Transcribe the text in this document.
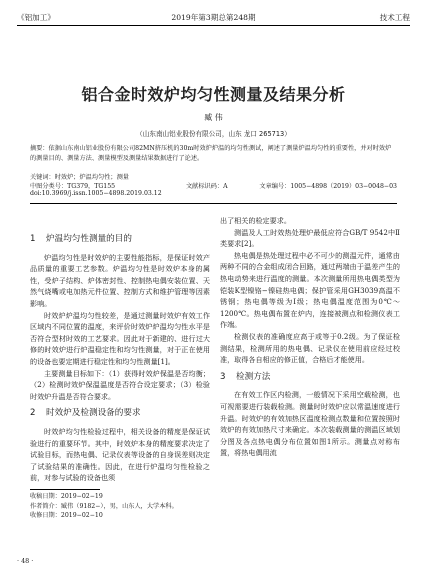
《铝加工》	2019年第3期总第248期	技术工程
铝合金时效炉均匀性测量及结果分析
臧 伟
（山东南山铝业股份有限公司，山东 龙口 265713）
摘要：依据山东南山铝业股份有限公司82MN挤压机的30m时效炉炉温的均匀性测试，阐述了测量炉温均匀性的重要性，并对时效炉的测量目的、测量方法、测量模型及测量结果数据进行了论述。
关键词：时效炉；炉温均匀性；测量
中图分类号：TG379，TG155	文献标识码：A	文章编号：1005−4898（2019）03−0048−03
doi:10.3969/j.issn.1005−4898.2019.03.12
1 炉温均匀性测量的目的

炉温均匀性是时效炉的主要性能指标，是保证时效产品质量的重要工艺参数。炉温均匀性是时效炉本身的属性，受炉子结构、炉体密封性、控制热电偶安装位置、天然气烧嘴或电加热元件位置、控制方式和维护管理等因素影响。

时效炉炉温均匀性较差，是通过测量时效炉有效工作区域内不同位置的温度，来评价时效炉炉温均匀性水平是否符合型材时效的工艺要求。因此对于新建的、进行过大修的时效炉进行炉温稳定性和均匀性测量，对于正在使用的设备也要定期进行稳定性和均匀性测量[1]。

主要测量目标如下：（1）获得时效炉保温是否均衡；（2）检测时效炉保温温度是否符合设定要求；（3）检验时效炉升温是否符合要求。

2 时效炉及检测设备的要求

时效炉均匀性检验过程中，相关设备的精度是保证试验进行的重要环节。其中，时效炉本身的精度要求决定了试验目标，而热电偶、记录仪表等设备的自身误差则决定了试验结果的准确性。因此，在进行炉温均匀性检验之前，对参与试验的设备也须

出了相关的检定要求。

测温及人工时效热处理炉最低应符合GB/T 9542中Ⅱ类要求[2]。

热电偶是热处理过程中必不可少的测温元件，通常由两种不同的合金组成闭合回路，通过两端由于温差产生的热电动势来进行温度的测量。本次测量所用热电偶类型为铠装K型镍铬−镍硅热电偶；保护管采用GH3039高温不锈钢；热电偶等级为Ⅰ级；热电偶温度范围为0℃～1200℃。热电偶布置在炉内，连接被测点和检测仪表工作端。

检测仪表的准确度应高于或等于0.2级。为了保证检测结果，检测所用的热电偶、记录仪在使用前应经过校准，取得各自相应的修正值，合格后才能使用。

3 检测方法

在有效工作区内检测，一般情况下采用空载检测，也可视需要进行装载检测。测量时时效炉应以常温速度进行升温。时效炉的有效加热区温度检测点数量和位置按照时效炉的有效加热尺寸来确定。本次装载测量的测温区域划分图及各点热电偶分布位置如图1所示。测量点对称布置，将热电偶用流

收稿日期：2019−02−19
作者简介：臧伟（9182−），男，山东人，大学本科。
收修日期：2019−02−10
· 48 ·
